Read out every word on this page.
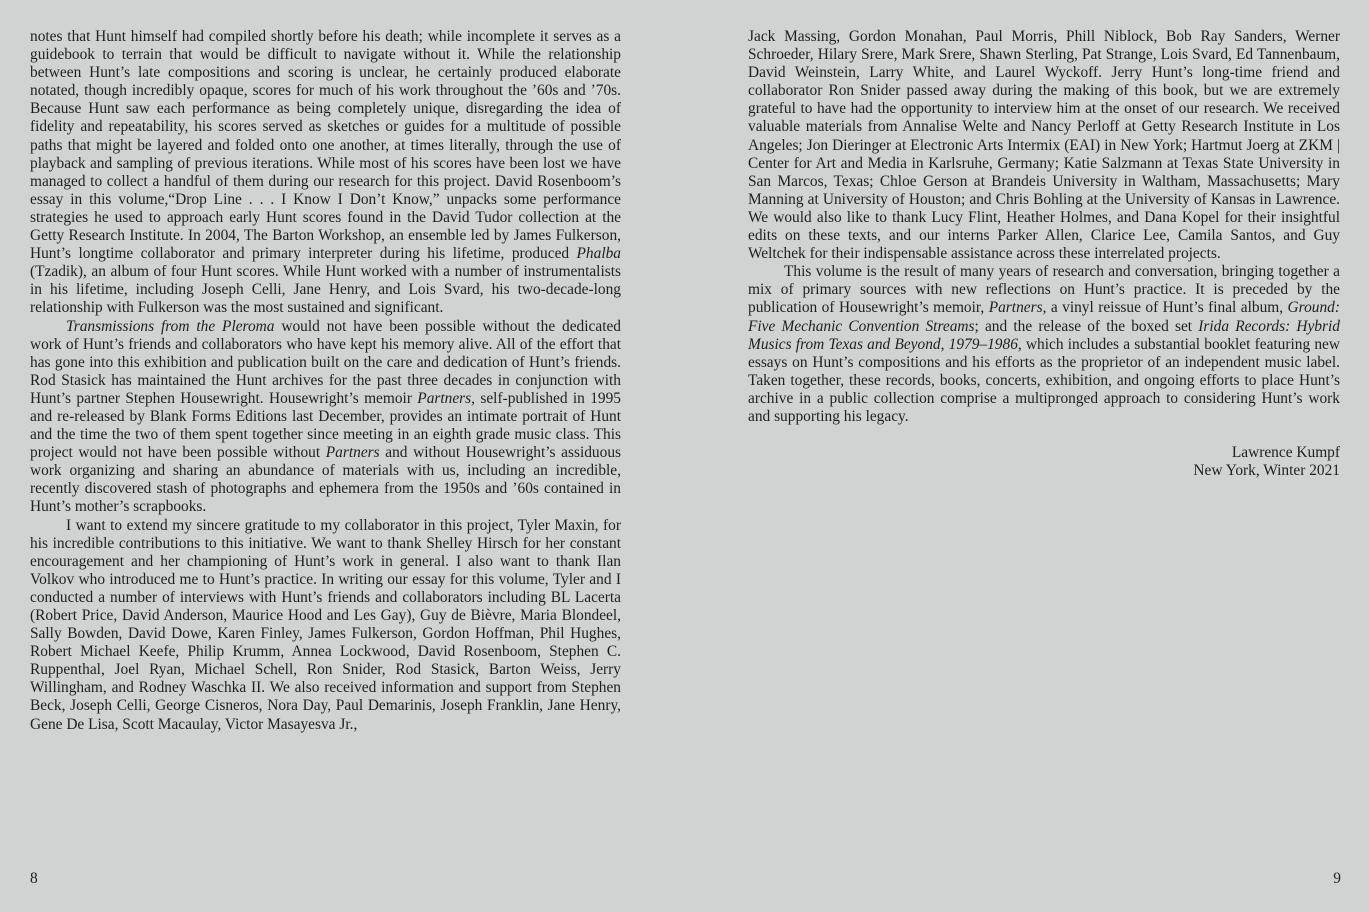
notes that Hunt himself had compiled shortly before his death; while incomplete it serves as a guidebook to terrain that would be difficult to navigate without it. While the relationship between Hunt’s late compositions and scoring is unclear, he certainly produced elaborate notated, though incredibly opaque, scores for much of his work throughout the ’60s and ’70s. Because Hunt saw each performance as being completely unique, disregarding the idea of fidelity and repeatability, his scores served as sketches or guides for a multitude of possible paths that might be layered and folded onto one another, at times literally, through the use of playback and sampling of previous iterations. While most of his scores have been lost we have managed to collect a handful of them during our research for this project. David Rosenboom’s essay in this volume,“Drop Line . . . I Know I Don’t Know,” unpacks some performance strategies he used to approach early Hunt scores found in the David Tudor collection at the Getty Research Institute. In 2004, The Barton Workshop, an ensemble led by James Fulkerson, Hunt’s longtime collaborator and primary interpreter during his lifetime, produced Phalba (Tzadik), an album of four Hunt scores. While Hunt worked with a number of instrumentalists in his lifetime, including Joseph Celli, Jane Henry, and Lois Svard, his two-decade-long relationship with Fulkerson was the most sustained and significant.

Transmissions from the Pleroma would not have been possible without the dedicated work of Hunt’s friends and collaborators who have kept his memory alive. All of the effort that has gone into this exhibition and publication built on the care and dedication of Hunt’s friends. Rod Stasick has maintained the Hunt archives for the past three decades in conjunction with Hunt’s partner Stephen Housewright. Housewright’s memoir Partners, self-published in 1995 and re-released by Blank Forms Editions last December, provides an intimate portrait of Hunt and the time the two of them spent together since meeting in an eighth grade music class. This project would not have been possible without Partners and without Housewright’s assiduous work organizing and sharing an abundance of materials with us, including an incredible, recently discovered stash of photographs and ephemera from the 1950s and ’60s contained in Hunt’s mother’s scrapbooks.

I want to extend my sincere gratitude to my collaborator in this project, Tyler Maxin, for his incredible contributions to this initiative. We want to thank Shelley Hirsch for her constant encouragement and her championing of Hunt’s work in general. I also want to thank Ilan Volkov who introduced me to Hunt’s practice. In writing our essay for this volume, Tyler and I conducted a number of interviews with Hunt’s friends and collaborators including BL Lacerta (Robert Price, David Anderson, Maurice Hood and Les Gay), Guy de Bièvre, Maria Blondeel, Sally Bowden, David Dowe, Karen Finley, James Fulkerson, Gordon Hoffman, Phil Hughes, Robert Michael Keefe, Philip Krumm, Annea Lockwood, David Rosenboom, Stephen C. Ruppenthal, Joel Ryan, Michael Schell, Ron Snider, Rod Stasick, Barton Weiss, Jerry Willingham, and Rodney Waschka II. We also received information and support from Stephen Beck, Joseph Celli, George Cisneros, Nora Day, Paul Demarinis, Joseph Franklin, Jane Henry, Gene De Lisa, Scott Macaulay, Victor Masayesva Jr.,

Jack Massing, Gordon Monahan, Paul Morris, Phill Niblock, Bob Ray Sanders, Werner Schroeder, Hilary Srere, Mark Srere, Shawn Sterling, Pat Strange, Lois Svard, Ed Tannenbaum, David Weinstein, Larry White, and Laurel Wyckoff. Jerry Hunt’s long-time friend and collaborator Ron Snider passed away during the making of this book, but we are extremely grateful to have had the opportunity to interview him at the onset of our research. We received valuable materials from Annalise Welte and Nancy Perloff at Getty Research Institute in Los Angeles; Jon Dieringer at Electronic Arts Intermix (EAI) in New York; Hartmut Joerg at ZKM | Center for Art and Media in Karlsruhe, Germany; Katie Salzmann at Texas State University in San Marcos, Texas; Chloe Gerson at Brandeis University in Waltham, Massachusetts; Mary Manning at University of Houston; and Chris Bohling at the University of Kansas in Lawrence. We would also like to thank Lucy Flint, Heather Holmes, and Dana Kopel for their insightful edits on these texts, and our interns Parker Allen, Clarice Lee, Camila Santos, and Guy Weltchek for their indispensable assistance across these interrelated projects.

This volume is the result of many years of research and conversation, bringing together a mix of primary sources with new reflections on Hunt’s practice. It is preceded by the publication of Housewright’s memoir, Partners, a vinyl reissue of Hunt’s final album, Ground: Five Mechanic Convention Streams; and the release of the boxed set Irida Records: Hybrid Musics from Texas and Beyond, 1979–1986, which includes a substantial booklet featuring new essays on Hunt’s compositions and his efforts as the proprietor of an independent music label. Taken together, these records, books, concerts, exhibition, and ongoing efforts to place Hunt’s archive in a public collection comprise a multipronged approach to considering Hunt’s work and supporting his legacy.

Lawrence Kumpf
New York, Winter 2021
8	9
